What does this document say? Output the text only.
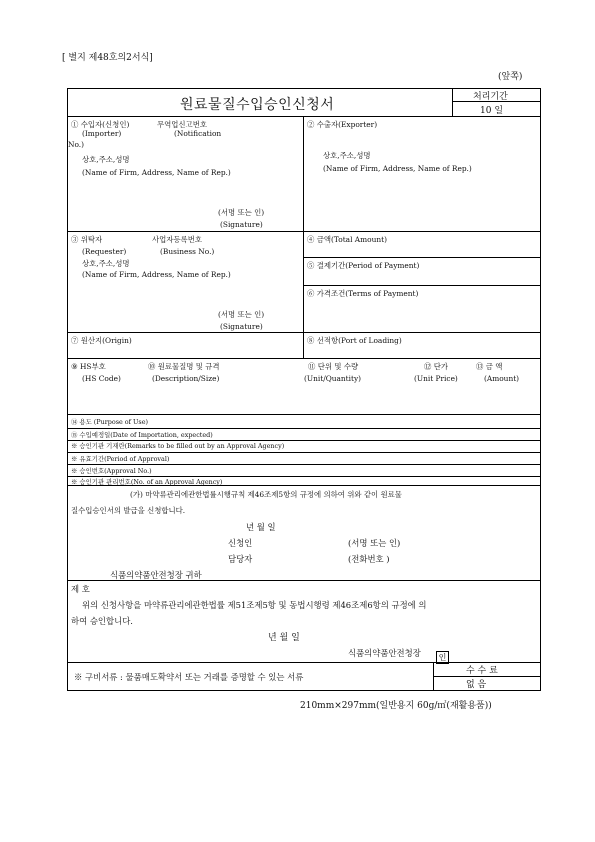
[ 별지 제48호의2서식]
(앞쪽)
원료물질수입승인신청서	처리기간
10 일
① 수입자(신청인)	무역업신고번호
(Importer)	(Notification
No.)
상호,주소,성명
(Name of Firm, Address, Name of Rep.)
(서명 또는 인)
(Signature)
② 수출자(Exporter)
상호,주소,성명
(Name of Firm, Address, Name of Rep.)
③ 위탁자	사업자등록번호
(Requester)	(Business No.)
상호,주소,성명
(Name of Firm, Address, Name of Rep.)
(서명 또는 인)
(Signature)
④ 금액(Total Amount)
⑤ 결제기간(Period of Payment)
⑥ 가격조건(Terms of Payment)
⑦ 원산지(Origin)	⑧ 선적항(Port of Loading)
⑨ HS부호	⑩ 원료물질명 및 규격	⑪ 단위 및 수량	⑫ 단가	⑬ 금 액
(HS Code)	(Description/Size)	(Unit/Quantity)	(Unit Price)	(Amount)
⑭ 용도 (Purpose of Use)
⑮ 수입예정일(Date of Importation, expected)
※ 승인기관 기재란(Remarks to be filled out by an Approval Agency)
※ 유효기간(Period of Approval)
※ 승인번호(Approval No.)
※ 승인기관 관리번호(No. of an Approval Agency)
(가) 마약류관리에관한법률시행규칙 제46조제5항의 규정에 의하여 위와 같이 원료물
질수입승인서의 발급을 신청합니다.
년 월 일
신청인	(서명 또는 인)
담당자	(전화번호 )
식품의약품안전청장 귀하
제 호
위의 신청사항을 마약류관리에관한법률 제51조제5항 및 동법시행령 제46조제6항의 규정에 의
하여 승인합니다.
년 월 일
식품의약품안전청장	인
※ 구비서류 : 물품매도확약서 또는 거래를 증명할 수 있는 서류
수 수 료
없 음
210mm×297mm(일반용지 60g/㎡(재활용품))
